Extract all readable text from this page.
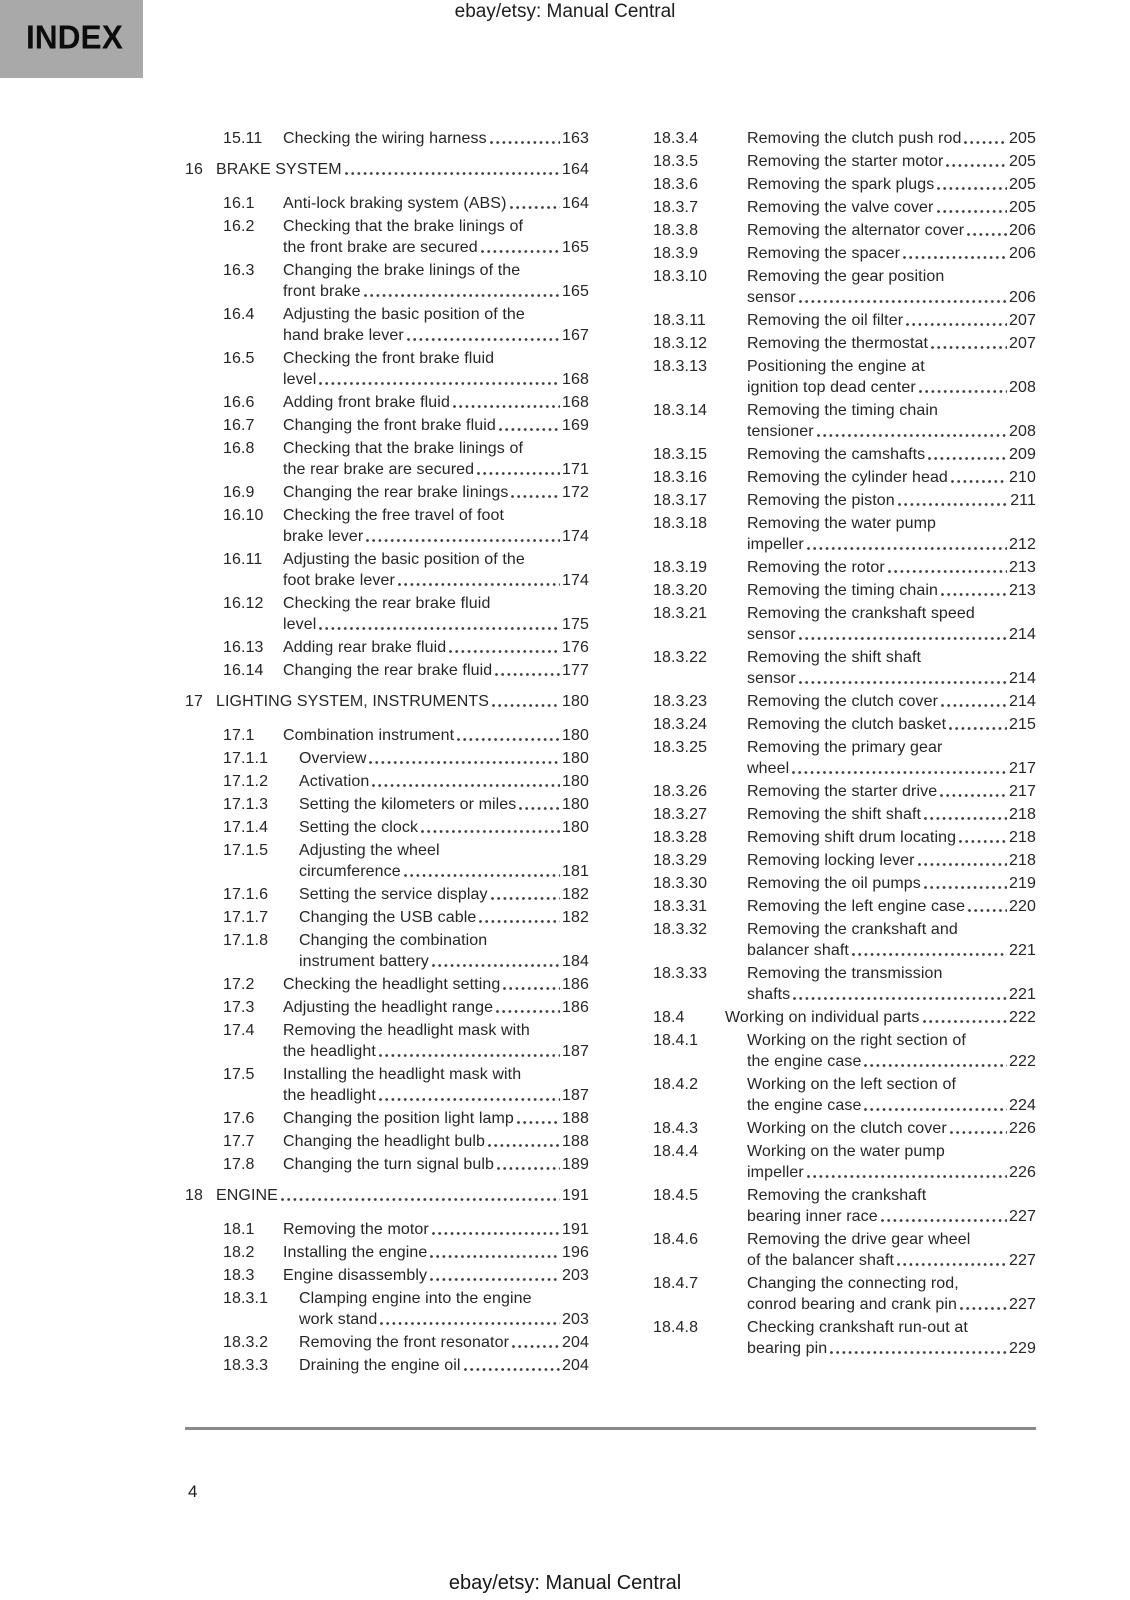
INDEX
ebay/etsy: Manual Central
15.11	Checking the wiring harness	163
16 BRAKE SYSTEM	164
16.1	Anti-lock braking system (ABS)	164
16.2	Checking that the brake linings of
the front brake are secured	165
16.3	Changing the brake linings of the
front brake	165
16.4	Adjusting the basic position of the
hand brake lever	167
16.5	Checking the front brake fluid
level	168
16.6	Adding front brake fluid	168
16.7	Changing the front brake fluid	169
16.8	Checking that the brake linings of
the rear brake are secured	171
16.9	Changing the rear brake linings	172
16.10	Checking the free travel of foot
brake lever	174
16.11	Adjusting the basic position of the
foot brake lever	174
16.12	Checking the rear brake fluid
level	175
16.13	Adding rear brake fluid	176
16.14	Changing the rear brake fluid	177
17 LIGHTING SYSTEM, INSTRUMENTS	180
17.1	Combination instrument	180
17.1.1	Overview	180
17.1.2	Activation	180
17.1.3	Setting the kilometers or miles	180
17.1.4	Setting the clock	180
17.1.5	Adjusting the wheel
circumference	181
17.1.6	Setting the service display	182
17.1.7	Changing the USB cable	182
17.1.8	Changing the combination
instrument battery	184
17.2	Checking the headlight setting	186
17.3	Adjusting the headlight range	186
17.4	Removing the headlight mask with
the headlight	187
17.5	Installing the headlight mask with
the headlight	187
17.6	Changing the position light lamp	188
17.7	Changing the headlight bulb	188
17.8	Changing the turn signal bulb	189
18 ENGINE	191
18.1	Removing the motor	191
18.2	Installing the engine	196
18.3	Engine disassembly	203
18.3.1	Clamping engine into the engine
work stand	203
18.3.2	Removing the front resonator	204
18.3.3	Draining the engine oil	204
18.3.4	Removing the clutch push rod	205
18.3.5	Removing the starter motor	205
18.3.6	Removing the spark plugs	205
18.3.7	Removing the valve cover	205
18.3.8	Removing the alternator cover	206
18.3.9	Removing the spacer	206
18.3.10	Removing the gear position
sensor	206
18.3.11	Removing the oil filter	207
18.3.12	Removing the thermostat	207
18.3.13	Positioning the engine at
ignition top dead center	208
18.3.14	Removing the timing chain
tensioner	208
18.3.15	Removing the camshafts	209
18.3.16	Removing the cylinder head	210
18.3.17	Removing the piston	211
18.3.18	Removing the water pump
impeller	212
18.3.19	Removing the rotor	213
18.3.20	Removing the timing chain	213
18.3.21	Removing the crankshaft speed
sensor	214
18.3.22	Removing the shift shaft
sensor	214
18.3.23	Removing the clutch cover	214
18.3.24	Removing the clutch basket	215
18.3.25	Removing the primary gear
wheel	217
18.3.26	Removing the starter drive	217
18.3.27	Removing the shift shaft	218
18.3.28	Removing shift drum locating	218
18.3.29	Removing locking lever	218
18.3.30	Removing the oil pumps	219
18.3.31	Removing the left engine case	220
18.3.32	Removing the crankshaft and
balancer shaft	221
18.3.33	Removing the transmission
shafts	221
18.4	Working on individual parts	222
18.4.1	Working on the right section of
the engine case	222
18.4.2	Working on the left section of
the engine case	224
18.4.3	Working on the clutch cover	226
18.4.4	Working on the water pump
impeller	226
18.4.5	Removing the crankshaft
bearing inner race	227
18.4.6	Removing the drive gear wheel
of the balancer shaft	227
18.4.7	Changing the connecting rod,
conrod bearing and crank pin	227
18.4.8	Checking crankshaft run-out at
bearing pin	229
4
ebay/etsy: Manual Central
